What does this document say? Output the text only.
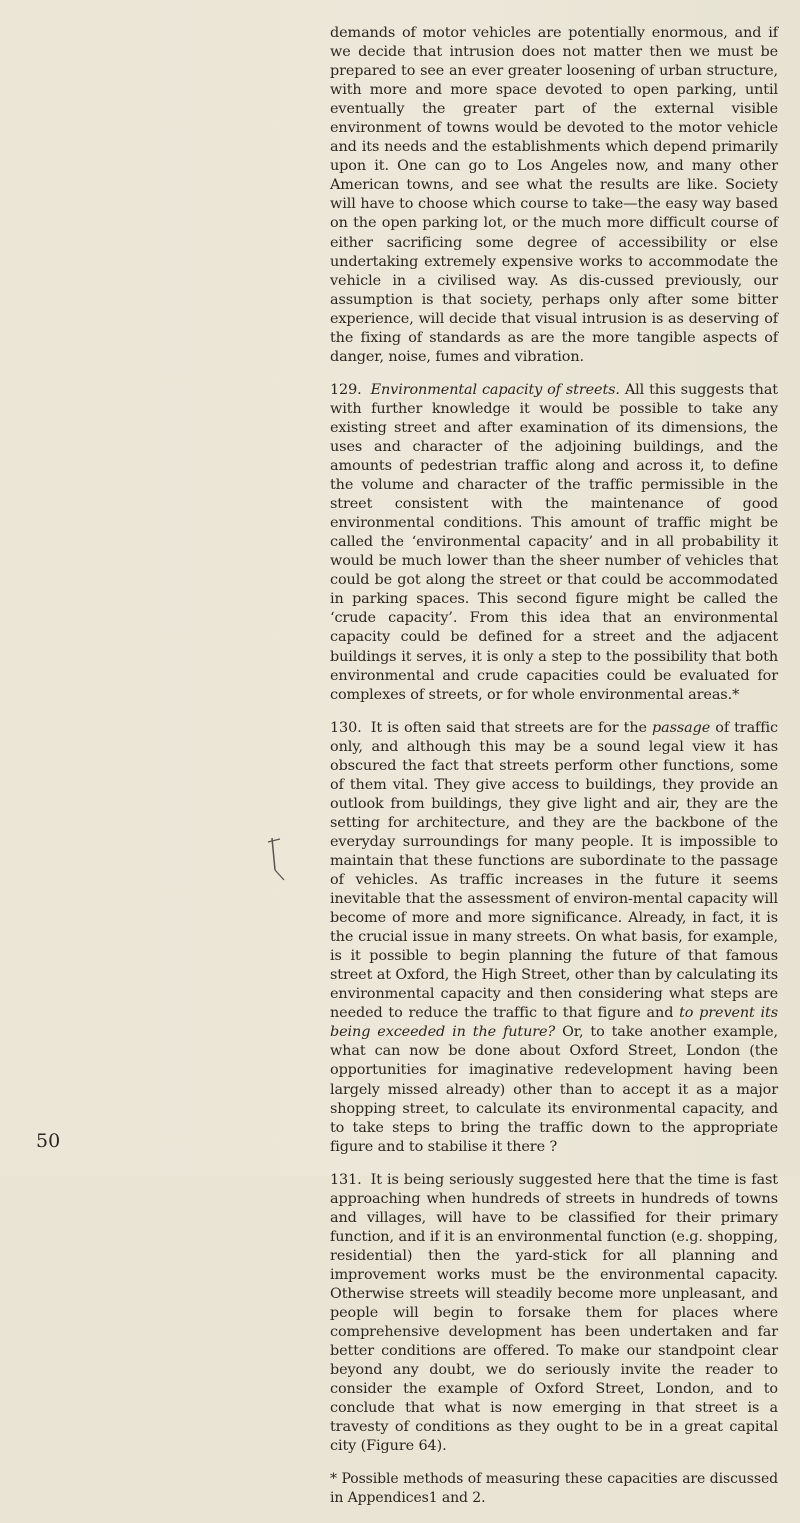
demands of motor vehicles are potentially enormous, and if we decide that intrusion does not matter then we must be prepared to see an ever greater loosening of urban structure, with more and more space devoted to open parking, until eventually the greater part of the external visible environment of towns would be devoted to the motor vehicle and its needs and the establishments which depend primarily upon it. One can go to Los Angeles now, and many other American towns, and see what the results are like. Society will have to choose which course to take—the easy way based on the open parking lot, or the much more difficult course of either sacrificing some degree of accessibility or else undertaking extremely expensive works to accommodate the vehicle in a civilised way. As dis-cussed previously, our assumption is that society, perhaps only after some bitter experience, will decide that visual intrusion is as deserving of the fixing of standards as are the more tangible aspects of danger, noise, fumes and vibration.

129. Environmental capacity of streets. All this suggests that with further knowledge it would be possible to take any existing street and after examination of its dimensions, the uses and character of the adjoining buildings, and the amounts of pedestrian traffic along and across it, to define the volume and character of the traffic permissible in the street consistent with the maintenance of good environmental conditions. This amount of traffic might be called the ‘environmental capacity’ and in all probability it would be much lower than the sheer number of vehicles that could be got along the street or that could be accommodated in parking spaces. This second figure might be called the ‘crude capacity’. From this idea that an environmental capacity could be defined for a street and the adjacent buildings it serves, it is only a step to the possibility that both environmental and crude capacities could be evaluated for complexes of streets, or for whole environmental areas.*

130. It is often said that streets are for the passage of traffic only, and although this may be a sound legal view it has obscured the fact that streets perform other functions, some of them vital. They give access to buildings, they provide an outlook from buildings, they give light and air, they are the setting for architecture, and they are the backbone of the everyday surroundings for many people. It is impossible to maintain that these functions are subordinate to the passage of vehicles. As traffic increases in the future it seems inevitable that the assessment of environ-mental capacity will become of more and more significance. Already, in fact, it is the crucial issue in many streets. On what basis, for example, is it possible to begin planning the future of that famous street at Oxford, the High Street, other than by calculating its environmental capacity and then considering what steps are needed to reduce the traffic to that figure and to prevent its being exceeded in the future? Or, to take another example, what can now be done about Oxford Street, London (the opportunities for imaginative redevelopment having been largely missed already) other than to accept it as a major shopping street, to calculate its environmental capacity, and to take steps to bring the traffic down to the appropriate figure and to stabilise it there ?

131. It is being seriously suggested here that the time is fast approaching when hundreds of streets in hundreds of towns and villages, will have to be classified for their primary function, and if it is an environmental function (e.g. shopping, residential) then the yard-stick for all planning and improvement works must be the environmental capacity. Otherwise streets will steadily become more unpleasant, and people will begin to forsake them for places where comprehensive development has been undertaken and far better conditions are offered. To make our standpoint clear beyond any doubt, we do seriously invite the reader to consider the example of Oxford Street, London, and to conclude that what is now emerging in that street is a travesty of conditions as they ought to be in a great capital city (Figure 64).

* Possible methods of measuring these capacities are discussed in Appendices1 and 2.

50
